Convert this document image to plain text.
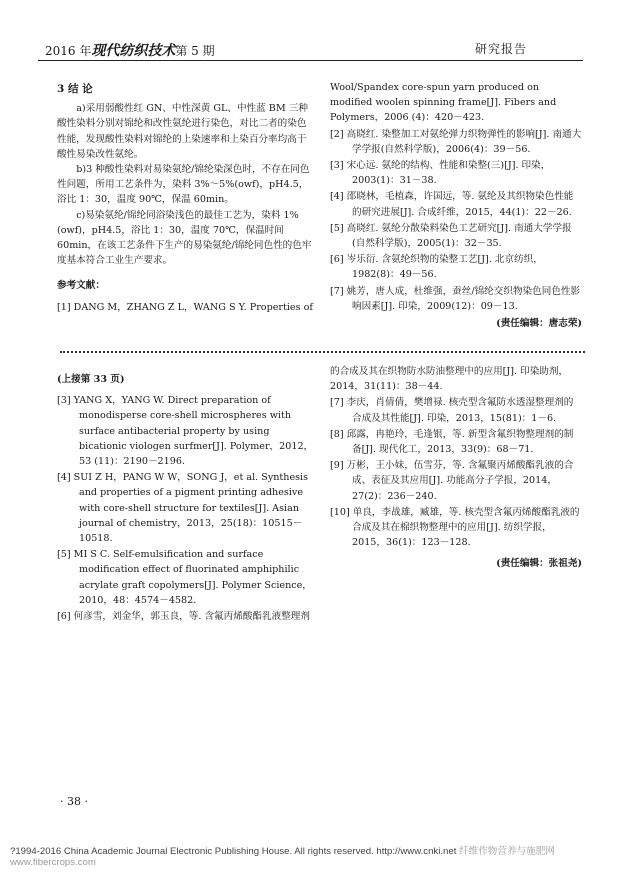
2016 年现代纺织技术第 5 期	研究报告

3 结 论

a)采用弱酸性红 GN、中性深黄 GL、中性蓝 BM 三种酸性染料分别对锦纶和改性氨纶进行染色，对比二者的染色性能，发现酸性染料对锦纶的上染速率和上染百分率均高于酸性易染改性氨纶。

b)3 种酸性染料对易染氨纶/锦纶染深色时，不存在同色性问题，所用工艺条件为，染料 3%～5%(owf)，pH4.5，浴比 1：30，温度 90℃，保温 60min。

c)易染氨纶/锦纶同浴染浅色的最佳工艺为，染料 1%(owf)，pH4.5，浴比 1：30，温度 70℃，保温时间 60min，在该工艺条件下生产的易染氨纶/锦纶同色性的色牢度基本符合工业生产要求。

参考文献：

[1] DANG M，ZHANG Z L，WANG S Y. Properties of

Wool/Spandex core-spun yarn produced on modified woolen spinning frame[J]. Fibers and Polymers，2006 (4)：420－423.

[2] 高晓红. 染整加工对氨纶弹力织物弹性的影响[J]. 南通大学学报(自然科学版)，2006(4)：39－56.

[3] 宋心远. 氨纶的结构、性能和染整(三)[J]. 印染，2003(1)：31－38.

[4] 邵晓林，毛植森，许国远，等. 氨纶及其织物染色性能的研究进展[J]. 合成纤维，2015，44(1)：22－26.

[5] 高晓红. 氨纶分散染料染色工艺研究[J]. 南通大学学报(自然科学版)，2005(1)：32－35.

[6] 岑乐衍. 含氨纶织物的染整工艺[J]. 北京纺织，1982(8)：49－56.

[7] 姚芳，唐人成，杜维强，蚕丝/锦纶交织物染色同色性影响因素[J]. 印染，2009(12)：09－13.

(责任编辑：唐志荣)

(上接第 33 页)

[3] YANG X，YANG W. Direct preparation of monodisperse core-shell microspheres with surface antibacterial property by using bicationic viologen surfmer[J]. Polymer，2012，53 (11)：2190－2196.

[4] SUI Z H，PANG W W，SONG J，et al. Synthesis and properties of a pigment printing adhesive with core-shell structure for textiles[J]. Asian journal of chemistry，2013，25(18)：10515－10518.

[5] MI S C. Self-emulsification and surface modification effect of fluorinated amphiphilic acrylate graft copolymers[J]. Polymer Science，2010，48：4574－4582.

[6] 何彦雪，刘金华，郭玉良，等. 含氟丙烯酸酯乳液整理剂

的合成及其在织物防水防油整理中的应用[J]. 印染助剂，2014，31(11)：38－44.

[7] 李庆，肖倩倩，樊增禄. 核壳型含氟防水透湿整理剂的合成及其性能[J]. 印染，2013，15(81)：1－6.

[8] 邱露，冉艳玲，毛逢银，等. 新型含氟织物整理剂的制备[J]. 现代化工，2013，33(9)：68－71.

[9] 万彬，王小妹，伍雪芬，等. 含氟聚丙烯酸酯乳液的合成、表征及其应用[J]. 功能高分子学报，2014，27(2)：236－240.

[10] 单良，李战雄，臧雄，等. 核壳型含氟丙烯酸酯乳液的合成及其在棉织物整理中的应用[J]. 纺织学报，2015，36(1)：123－128.

(责任编辑：张祖尧)

· 38 ·
?1994-2016 China Academic Journal Electronic Publishing House. All rights reserved. http://www.cnki.net 纤维作物营养与施肥网 www.fibercrops.com
